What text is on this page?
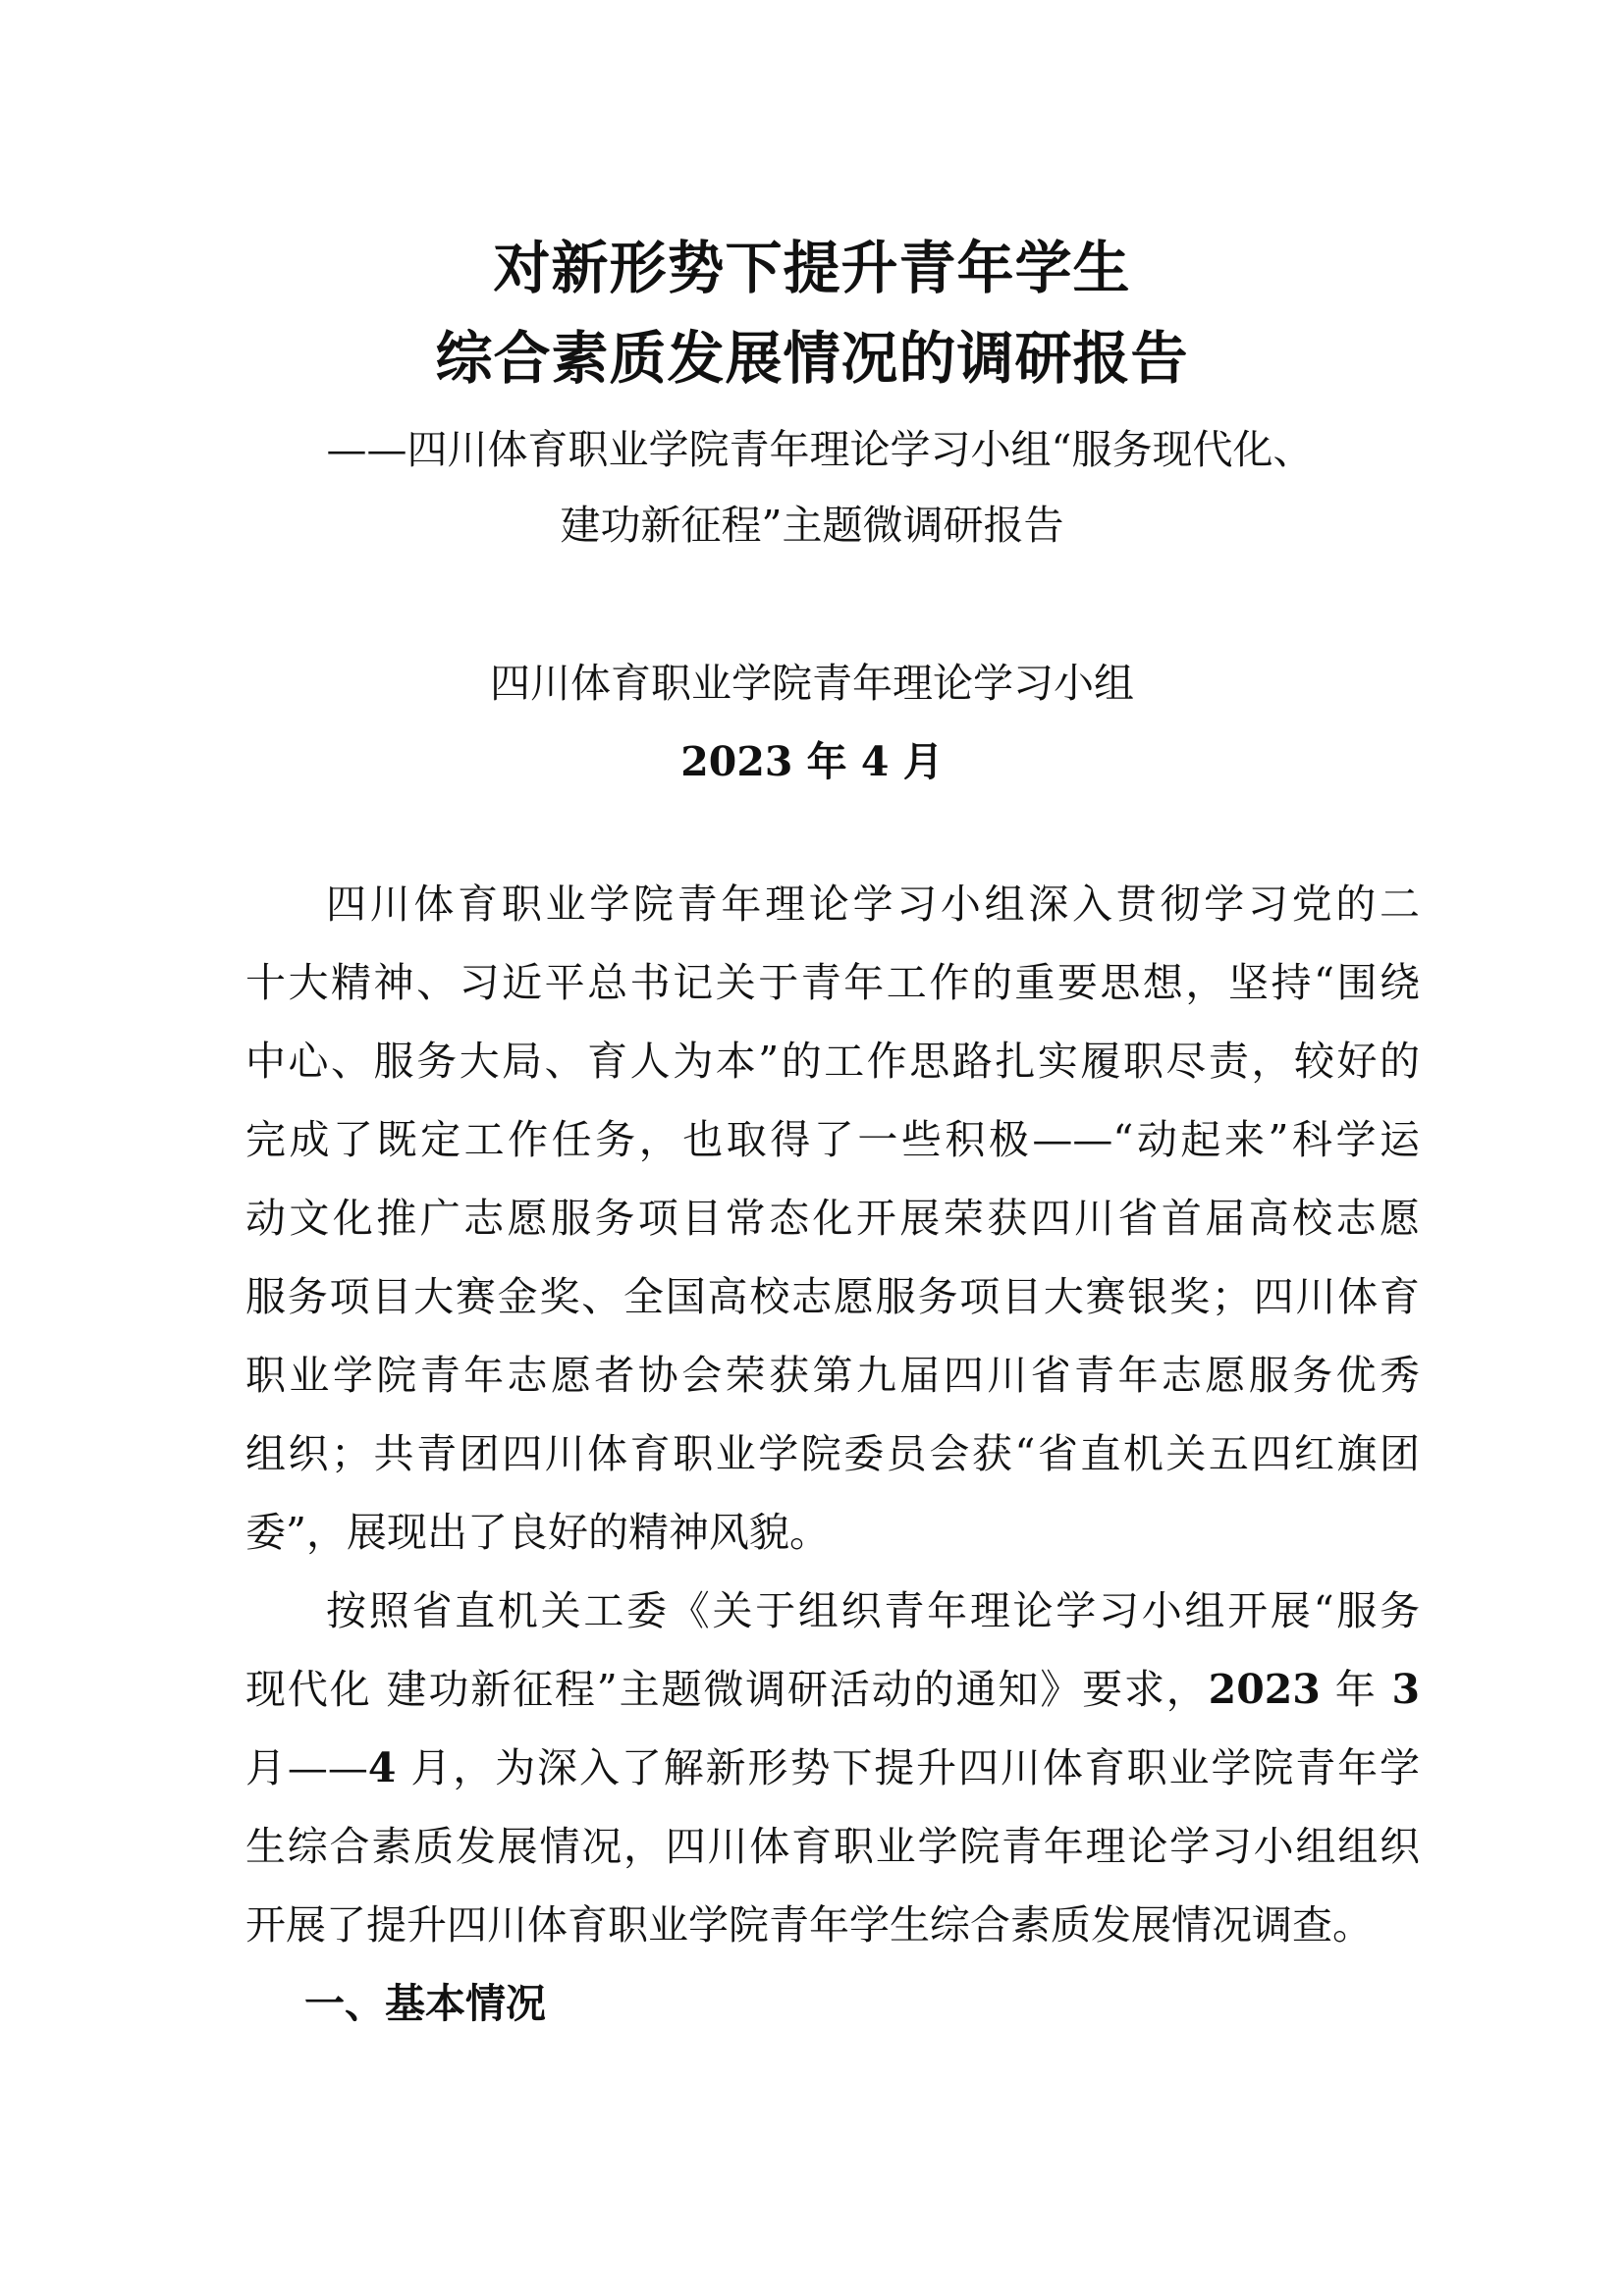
对新形势下提升青年学生
综合素质发展情况的调研报告
——四川体育职业学院青年理论学习小组“服务现代化、
建功新征程”主题微调研报告
四川体育职业学院青年理论学习小组
2023 年 4 月
四川体育职业学院青年理论学习小组深入贯彻学习党的二
十大精神、习近平总书记关于青年工作的重要思想，坚持“围绕
中心、服务大局、育人为本”的工作思路扎实履职尽责，较好的
完成了既定工作任务，也取得了一些积极——“动起来”科学运
动文化推广志愿服务项目常态化开展荣获四川省首届高校志愿
服务项目大赛金奖、全国高校志愿服务项目大赛银奖；四川体育
职业学院青年志愿者协会荣获第九届四川省青年志愿服务优秀
组织；共青团四川体育职业学院委员会获“省直机关五四红旗团
委”，展现出了良好的精神风貌。
按照省直机关工委《关于组织青年理论学习小组开展“服务
现代化 建功新征程”主题微调研活动的通知》要求，2023 年 3
月——4 月，为深入了解新形势下提升四川体育职业学院青年学
生综合素质发展情况，四川体育职业学院青年理论学习小组组织
开展了提升四川体育职业学院青年学生综合素质发展情况调查。
一、基本情况
